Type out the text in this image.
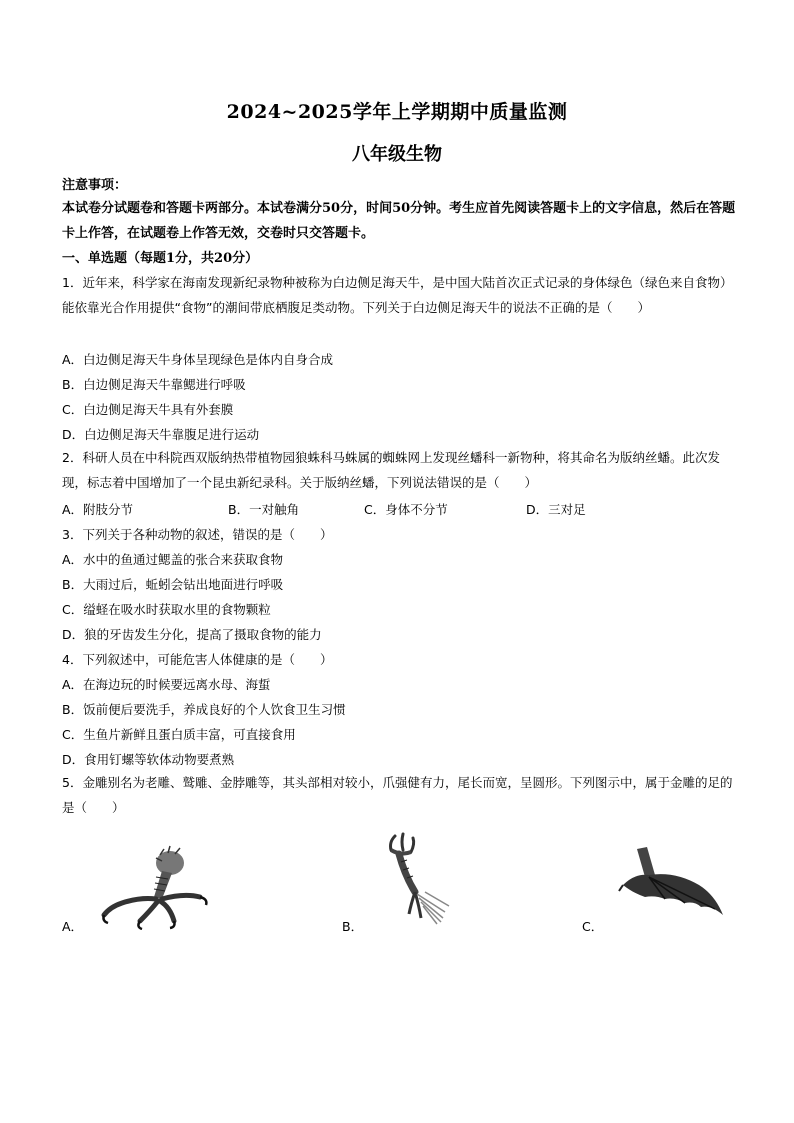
2024~2025学年上学期期中质量监测
八年级生物
注意事项：
本试卷分试题卷和答题卡两部分。本试卷满分50分，时间50分钟。考生应首先阅读答题卡上的文字信息，然后在答题卡上作答，在试题卷上作答无效，交卷时只交答题卡。
一、单选题（每题1分，共20分）
1．近年来，科学家在海南发现新纪录物种被称为白边侧足海天牛，是中国大陆首次正式记录的身体绿色（绿色来自食物）能依靠光合作用提供“食物”的潮间带底栖腹足类动物。下列关于白边侧足海天牛的说法不正确的是（　　）
A．白边侧足海天牛身体呈现绿色是体内自身合成
B．白边侧足海天牛靠鳃进行呼吸
C．白边侧足海天牛具有外套膜
D．白边侧足海天牛靠腹足进行运动
2．科研人员在中科院西双版纳热带植物园狼蛛科马蛛属的蜘蛛网上发现丝蟠科一新物种，将其命名为版纳丝蟠。此次发现，标志着中国增加了一个昆虫新纪录科。关于版纳丝蟠，下列说法错误的是（　　）
A．附肢分节	B．一对触角	C．身体不分节	D．三对足
3．下列关于各种动物的叙述，错误的是（　　）
A．水中的鱼通过鳃盖的张合来获取食物
B．大雨过后，蚯蚓会钻出地面进行呼吸
C．缢蛏在吸水时获取水里的食物颗粒
D．狼的牙齿发生分化，提高了摄取食物的能力
4．下列叙述中，可能危害人体健康的是（　　）
A．在海边玩的时候要远离水母、海蜇
B．饭前便后要洗手，养成良好的个人饮食卫生习惯
C．生鱼片新鲜且蛋白质丰富，可直接食用
D．食用钉螺等软体动物要煮熟
5．金雕别名为老雕、鹫雕、金脖雕等，其头部相对较小，爪强健有力，尾长而宽，呈圆形。下列图示中，属于金雕的足的是（　　）
A．	B．	C．
